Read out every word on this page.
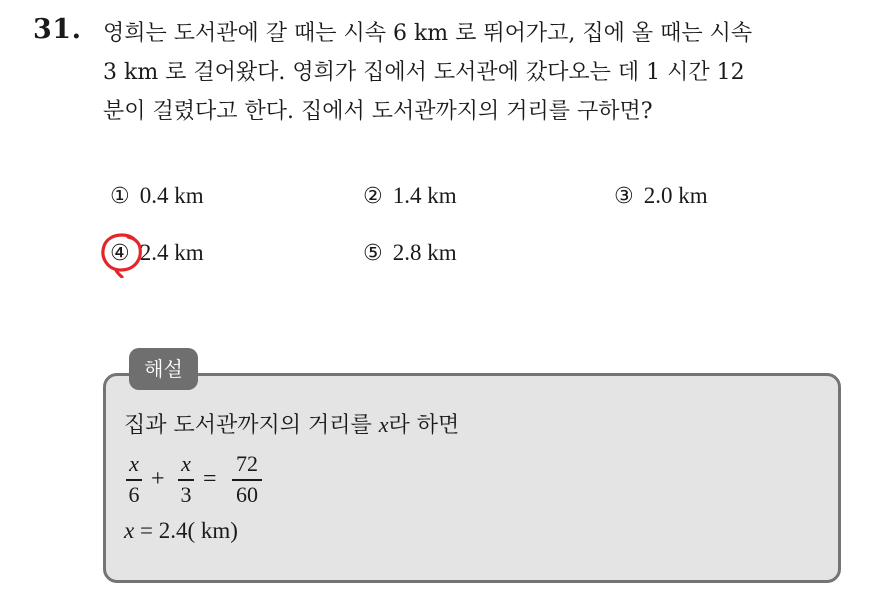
31. 영희는 도서관에 갈 때는 시속 6 km 로 뛰어가고, 집에 올 때는 시속
3 km 로 걸어왔다. 영희가 집에서 도서관에 갔다오는 데 1 시간 12
분이 걸렸다고 한다. 집에서 도서관까지의 거리를 구하면?
① 0.4 km	② 1.4 km	③ 2.0 km
④ 2.4 km	⑤ 2.8 km
해설
집과 도서관까지의 거리를 x라 하면
x
6
+
x
3
=
72
60
x = 2.4( km)
